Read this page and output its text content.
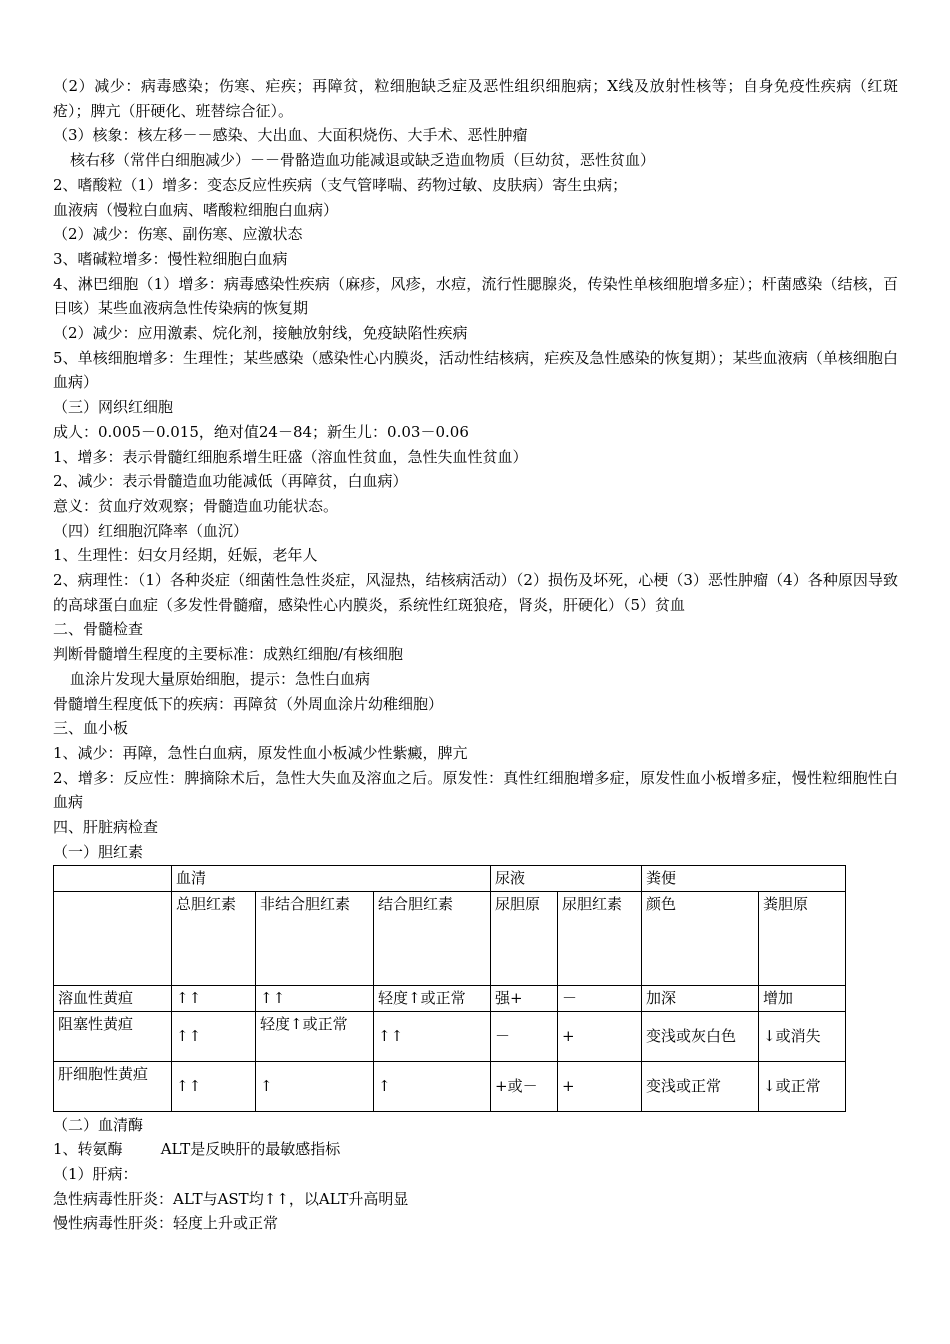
（2）减少：病毒感染；伤寒、疟疾；再障贫，粒细胞缺乏症及恶性组织细胞病；X线及放射性核等；自身免疫性疾病（红斑疮）；脾亢（肝硬化、班替综合征）。

（3）核象：核左移－－感染、大出血、大面积烧伤、大手术、恶性肿瘤

核右移（常伴白细胞减少）－－骨骼造血功能减退或缺乏造血物质（巨幼贫，恶性贫血）

2、嗜酸粒（1）增多：变态反应性疾病（支气管哮喘、药物过敏、皮肤病）寄生虫病；

血液病（慢粒白血病、嗜酸粒细胞白血病）

（2）减少：伤寒、副伤寒、应激状态

3、嗜碱粒增多：慢性粒细胞白血病

4、淋巴细胞（1）增多：病毒感染性疾病（麻疹，风疹，水痘，流行性腮腺炎，传染性单核细胞增多症）；杆菌感染（结核，百日咳）某些血液病急性传染病的恢复期

（2）减少：应用激素、烷化剂，接触放射线，免疫缺陷性疾病

5、单核细胞增多：生理性；某些感染（感染性心内膜炎，活动性结核病，疟疾及急性感染的恢复期）；某些血液病（单核细胞白血病）

（三）网织红细胞

成人：0.005－0.015，绝对值24－84；新生儿：0.03－0.06

1、增多：表示骨髓红细胞系增生旺盛（溶血性贫血，急性失血性贫血）

2、减少：表示骨髓造血功能减低（再障贫，白血病）

意义：贫血疗效观察；骨髓造血功能状态。

（四）红细胞沉降率（血沉）

1、生理性：妇女月经期，妊娠，老年人

2、病理性：（1）各种炎症（细菌性急性炎症，风湿热，结核病活动）（2）损伤及坏死，心梗（3）恶性肿瘤（4）各种原因导致的高球蛋白血症（多发性骨髓瘤，感染性心内膜炎，系统性红斑狼疮，肾炎，肝硬化）（5）贫血

二、骨髓检查

判断骨髓增生程度的主要标准：成熟红细胞/有核细胞

血涂片发现大量原始细胞，提示：急性白血病

骨髓增生程度低下的疾病：再障贫（外周血涂片幼稚细胞）

三、血小板

1、减少：再障，急性白血病，原发性血小板减少性紫癜，脾亢

2、增多：反应性：脾摘除术后，急性大失血及溶血之后。原发性：真性红细胞增多症，原发性血小板增多症，慢性粒细胞性白血病

四、肝脏病检查

（一）胆红素

	血清			尿液		粪便	
	总胆红素	非结合胆红素	结合胆红素	尿胆原	尿胆红素	颜色	粪胆原
溶血性黄疸	↑↑	↑↑	轻度↑或正常	强+	－	加深	增加
阻塞性黄疸	↑↑	轻度↑或正常	↑↑	－	+	变浅或灰白色	↓或消失
肝细胞性黄疸	↑↑	↑	↑	+或－	+	变浅或正常	↓或正常

（二）血清酶

1、转氨酶        ALT是反映肝的最敏感指标

（1）肝病：

急性病毒性肝炎：ALT与AST均↑↑，以ALT升高明显

慢性病毒性肝炎：轻度上升或正常
